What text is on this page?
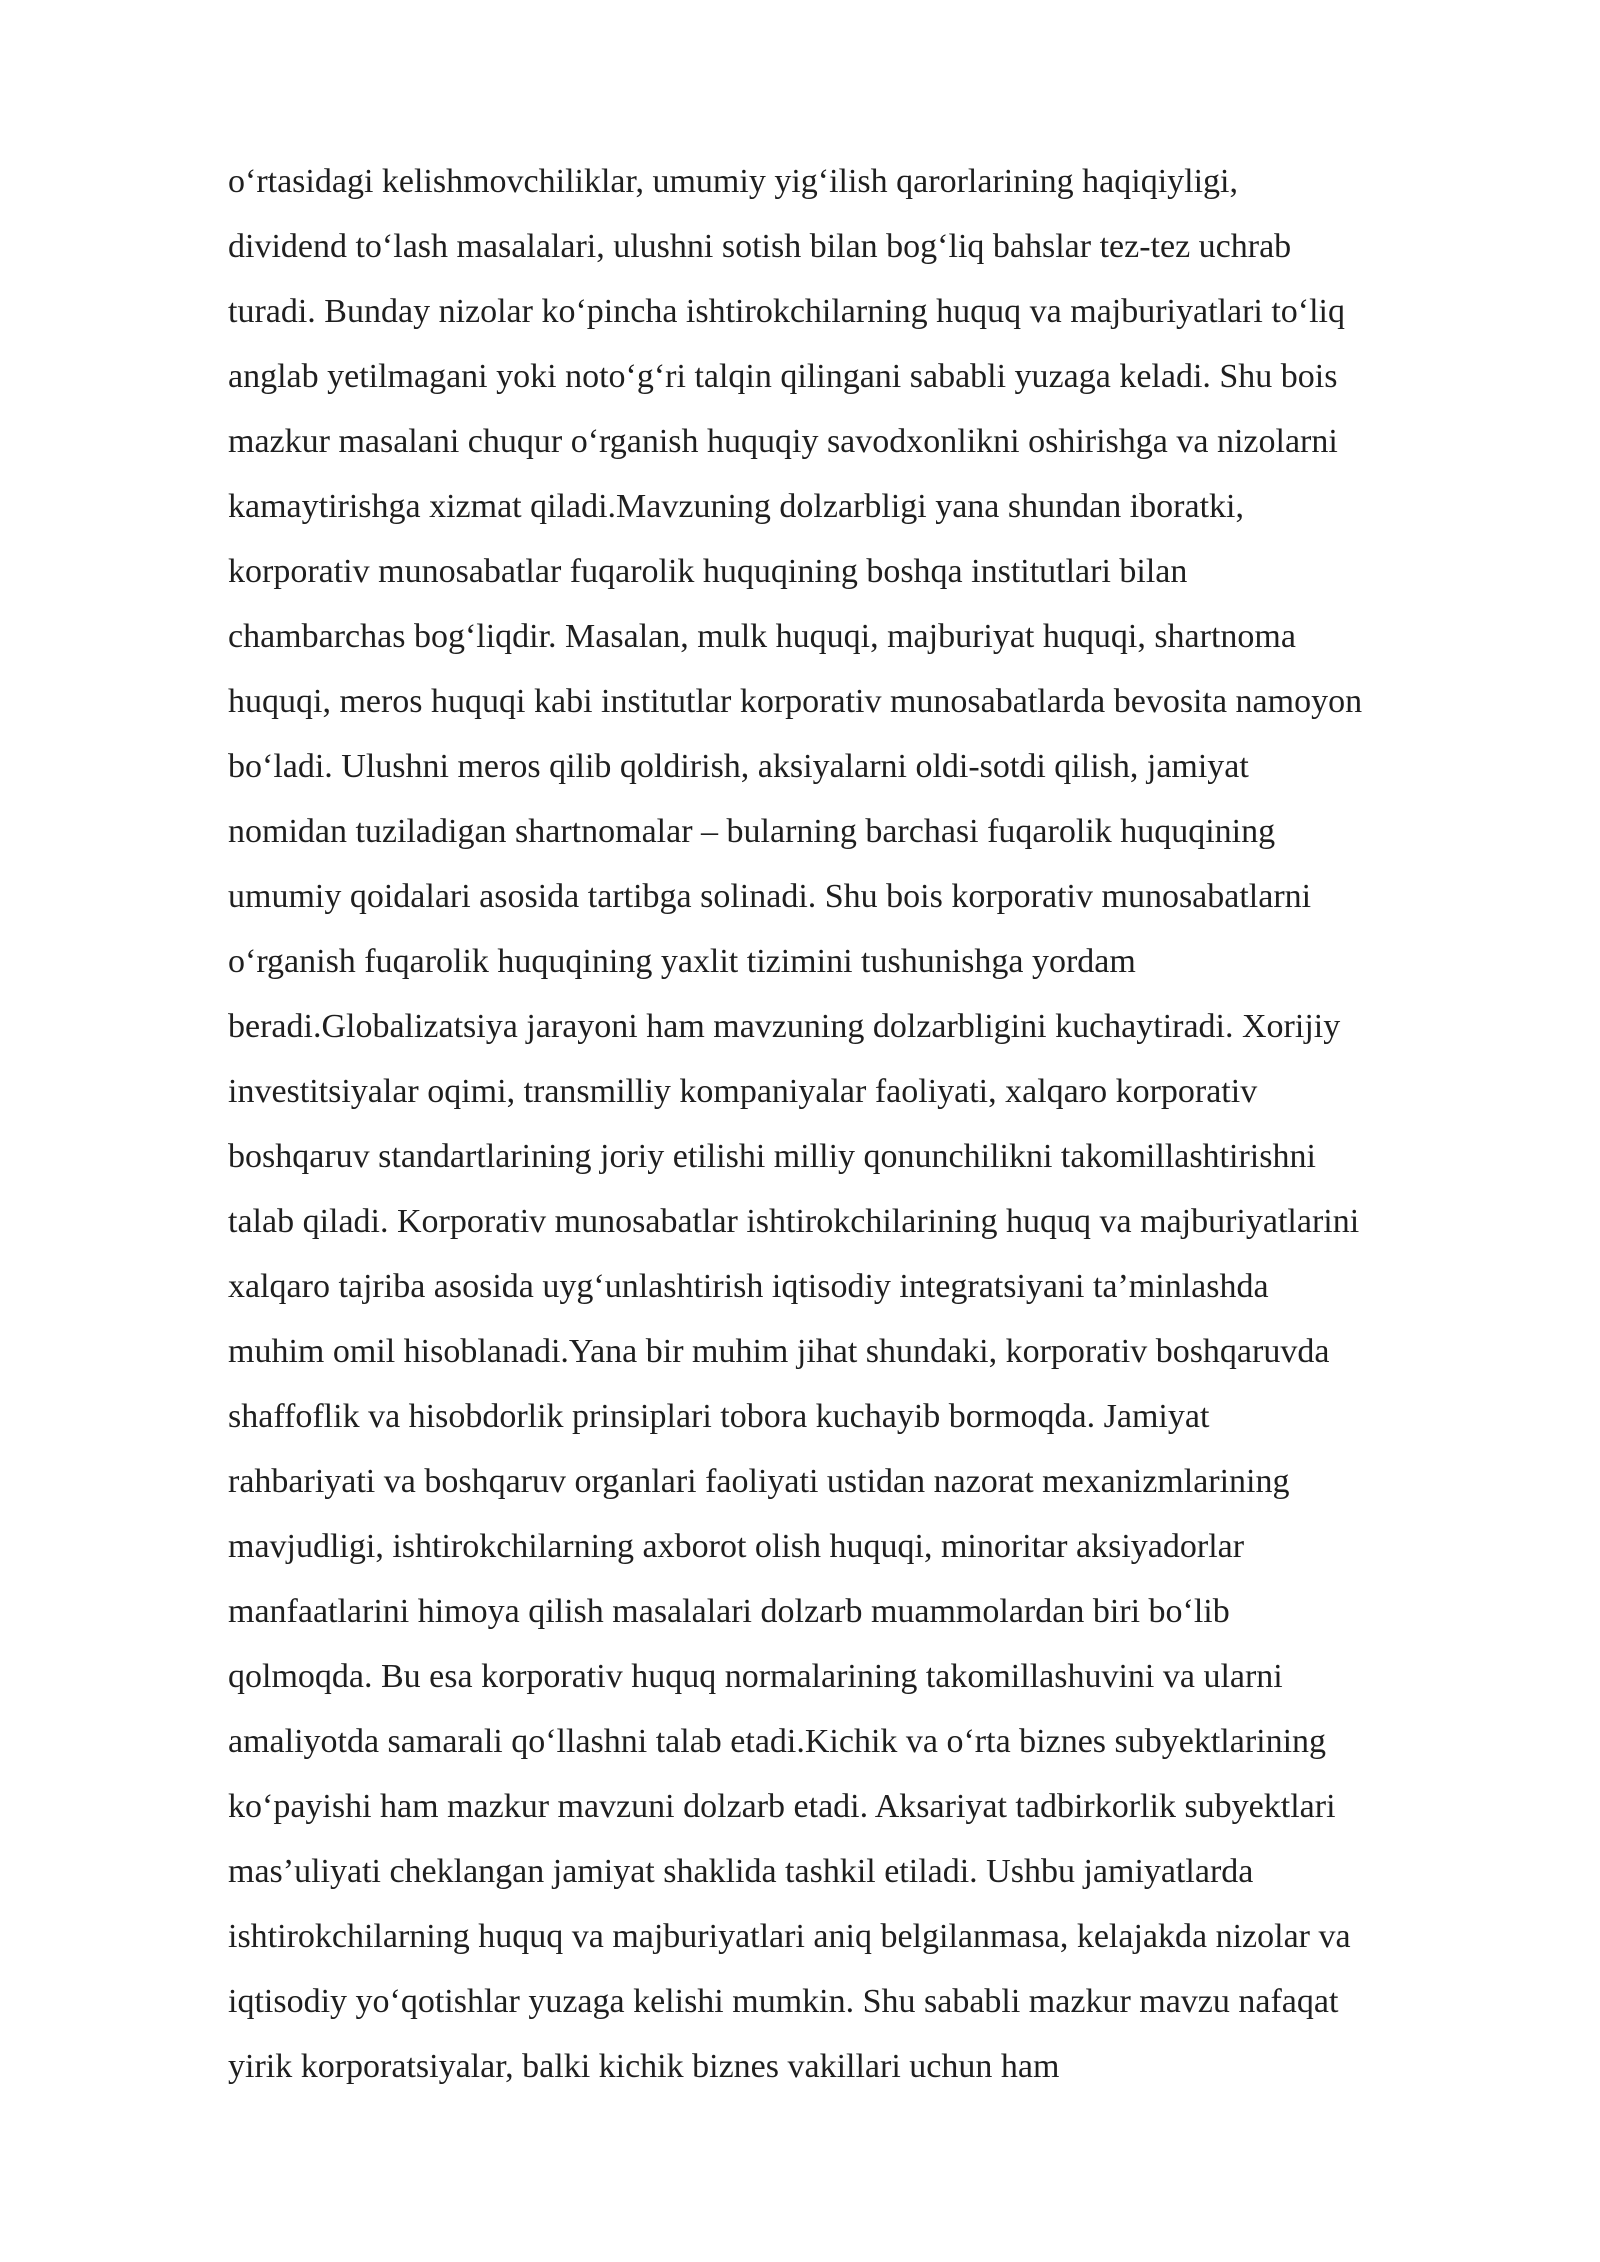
o‘rtasidagi kelishmovchiliklar, umumiy yig‘ilish qarorlarining haqiqiyligi,
dividend to‘lash masalalari, ulushni sotish bilan bog‘liq bahslar tez-tez uchrab
turadi. Bunday nizolar ko‘pincha ishtirokchilarning huquq va majburiyatlari to‘liq
anglab yetilmagani yoki noto‘g‘ri talqin qilingani sababli yuzaga keladi. Shu bois
mazkur masalani chuqur o‘rganish huquqiy savodxonlikni oshirishga va nizolarni
kamaytirishga xizmat qiladi.Mavzuning dolzarbligi yana shundan iboratki,
korporativ munosabatlar fuqarolik huquqining boshqa institutlari bilan
chambarchas bog‘liqdir. Masalan, mulk huquqi, majburiyat huquqi, shartnoma
huquqi, meros huquqi kabi institutlar korporativ munosabatlarda bevosita namoyon
bo‘ladi. Ulushni meros qilib qoldirish, aksiyalarni oldi-sotdi qilish, jamiyat
nomidan tuziladigan shartnomalar – bularning barchasi fuqarolik huquqining
umumiy qoidalari asosida tartibga solinadi. Shu bois korporativ munosabatlarni
o‘rganish fuqarolik huquqining yaxlit tizimini tushunishga yordam
beradi.Globalizatsiya jarayoni ham mavzuning dolzarbligini kuchaytiradi. Xorijiy
investitsiyalar oqimi, transmilliy kompaniyalar faoliyati, xalqaro korporativ
boshqaruv standartlarining joriy etilishi milliy qonunchilikni takomillashtirishni
talab qiladi. Korporativ munosabatlar ishtirokchilarining huquq va majburiyatlarini
xalqaro tajriba asosida uyg‘unlashtirish iqtisodiy integratsiyani ta’minlashda
muhim omil hisoblanadi.Yana bir muhim jihat shundaki, korporativ boshqaruvda
shaffoflik va hisobdorlik prinsiplari tobora kuchayib bormoqda. Jamiyat
rahbariyati va boshqaruv organlari faoliyati ustidan nazorat mexanizmlarining
mavjudligi, ishtirokchilarning axborot olish huquqi, minoritar aksiyadorlar
manfaatlarini himoya qilish masalalari dolzarb muammolardan biri bo‘lib
qolmoqda. Bu esa korporativ huquq normalarining takomillashuvini va ularni
amaliyotda samarali qo‘llashni talab etadi.Kichik va o‘rta biznes subyektlarining
ko‘payishi ham mazkur mavzuni dolzarb etadi. Aksariyat tadbirkorlik subyektlari
mas’uliyati cheklangan jamiyat shaklida tashkil etiladi. Ushbu jamiyatlarda
ishtirokchilarning huquq va majburiyatlari aniq belgilanmasa, kelajakda nizolar va
iqtisodiy yo‘qotishlar yuzaga kelishi mumkin. Shu sababli mazkur mavzu nafaqat
yirik korporatsiyalar, balki kichik biznes vakillari uchun ham
